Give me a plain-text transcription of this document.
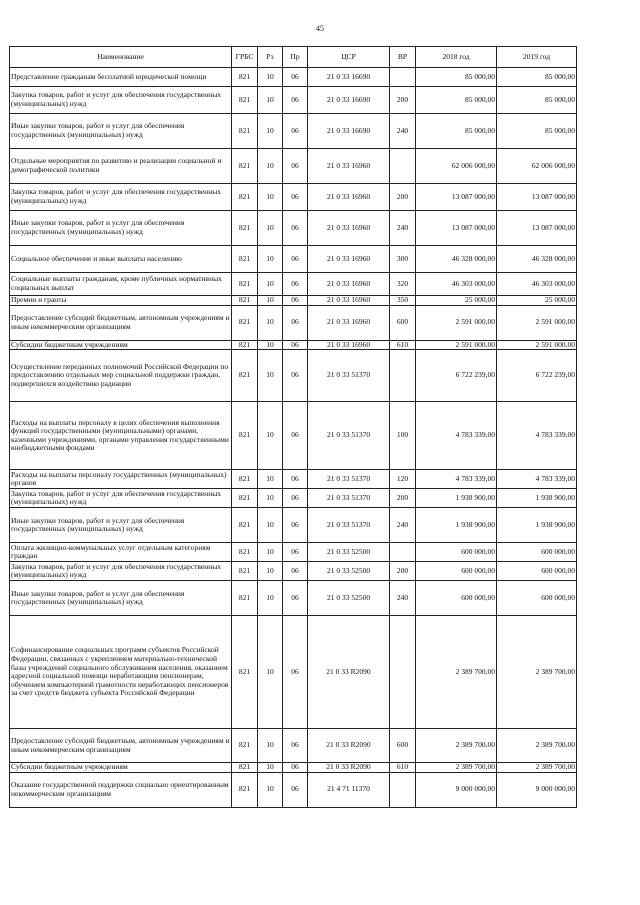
45
Наименование	ГРБС	Рз	Пр	ЦСР	ВР	2018 год	2019 год
Представление гражданам бесплатной юридической помощи	821	10	06	21 0 33 16690		85 000,00	85 000,00
Закупка товаров, работ и услуг для обеспечения государственных (муниципальных) нужд	821	10	06	21 0 33 16690	200	85 000,00	85 000,00
Иные закупки товаров, работ и услуг для обеспечения государственных (муниципальных) нужд	821	10	06	21 0 33 16690	240	85 000,00	85 000,00
Отдельные мероприятия по развитию и реализации социальной и демографической политики	821	10	06	21 0 33 16960		62 006 000,00	62 006 000,00
Закупка товаров, работ и услуг для обеспечения государственных (муниципальных) нужд	821	10	06	21 0 33 16960	200	13 087 000,00	13 087 000,00
Иные закупки товаров, работ и услуг для обеспечения государственных (муниципальных) нужд	821	10	06	21 0 33 16960	240	13 087 000,00	13 087 000,00
Социальное обеспечение и иные выплаты населению	821	10	06	21 0 33 16960	300	46 328 000,00	46 328 000,00
Социальные выплаты гражданам, кроме публичных нормативных социальных выплат	821	10	06	21 0 33 16960	320	46 303 000,00	46 303 000,00
Премии и гранты	821	10	06	21 0 33 16960	350	25 000,00	25 000,00
Предоставление субсидий бюджетным, автономным учреждениям и иным некоммерческим организациям	821	10	06	21 0 33 16960	600	2 591 000,00	2 591 000,00
Субсидии бюджетным учреждениям	821	10	06	21 0 33 16960	610	2 591 000,00	2 591 000,00
Осуществление переданных полномочий Российской Федерации по предоставлению отдельных мер социальной поддержки граждан, подвергшихся воздействию радиации	821	10	06	21 0 33 51370		6 722 239,00	6 722 239,00
Расходы на выплаты персоналу в целях обеспечения выполнения функций государственными (муниципальными) органами, казенными учреждениями, органами управления государственными внебюджетными фондами	821	10	06	21 0 33 51370	100	4 783 339,00	4 783 339,00
Расходы на выплаты персоналу государственных (муниципальных) органов	821	10	06	21 0 33 51370	120	4 783 339,00	4 783 339,00
Закупка товаров, работ и услуг для обеспечения государственных (муниципальных) нужд	821	10	06	21 0 33 51370	200	1 938 900,00	1 938 900,00
Иные закупки товаров, работ и услуг для обеспечения государственных (муниципальных) нужд	821	10	06	21 0 33 51370	240	1 938 900,00	1 938 900,00
Оплата жилищно-коммунальных услуг отдельным категориям граждан	821	10	06	21 0 33 52500		600 000,00	600 000,00
Закупка товаров, работ и услуг для обеспечения государственных (муниципальных) нужд	821	10	06	21 0 33 52500	200	600 000,00	600 000,00
Иные закупки товаров, работ и услуг для обеспечения государственных (муниципальных) нужд	821	10	06	21 0 33 52500	240	600 000,00	600 000,00
Софинансирование социальных программ субъектов Российской Федерации, связанных с укреплением материально-технической базы учреждений социального обслуживания населения, оказанием адресной социальной помощи неработающим пенсионерам, обучением компьютерной грамотности неработающих пенсионеров за счет средств бюджета субъекта Российской Федерации	821	10	06	21 0 33 R2090		2 389 700,00	2 389 700,00
Предоставление субсидий бюджетным, автономным учреждениям и иным некоммерческим организациям	821	10	06	21 0 33 R2090	600	2 389 700,00	2 389 700,00
Субсидии бюджетным учреждениям	821	10	06	21 0 33 R2090	610	2 389 700,00	2 389 700,00
Оказание государственной поддержки социально ориентированным некоммерческим организациям	821	10	06	21 4 71 11370		9 000 000,00	9 000 000,00
